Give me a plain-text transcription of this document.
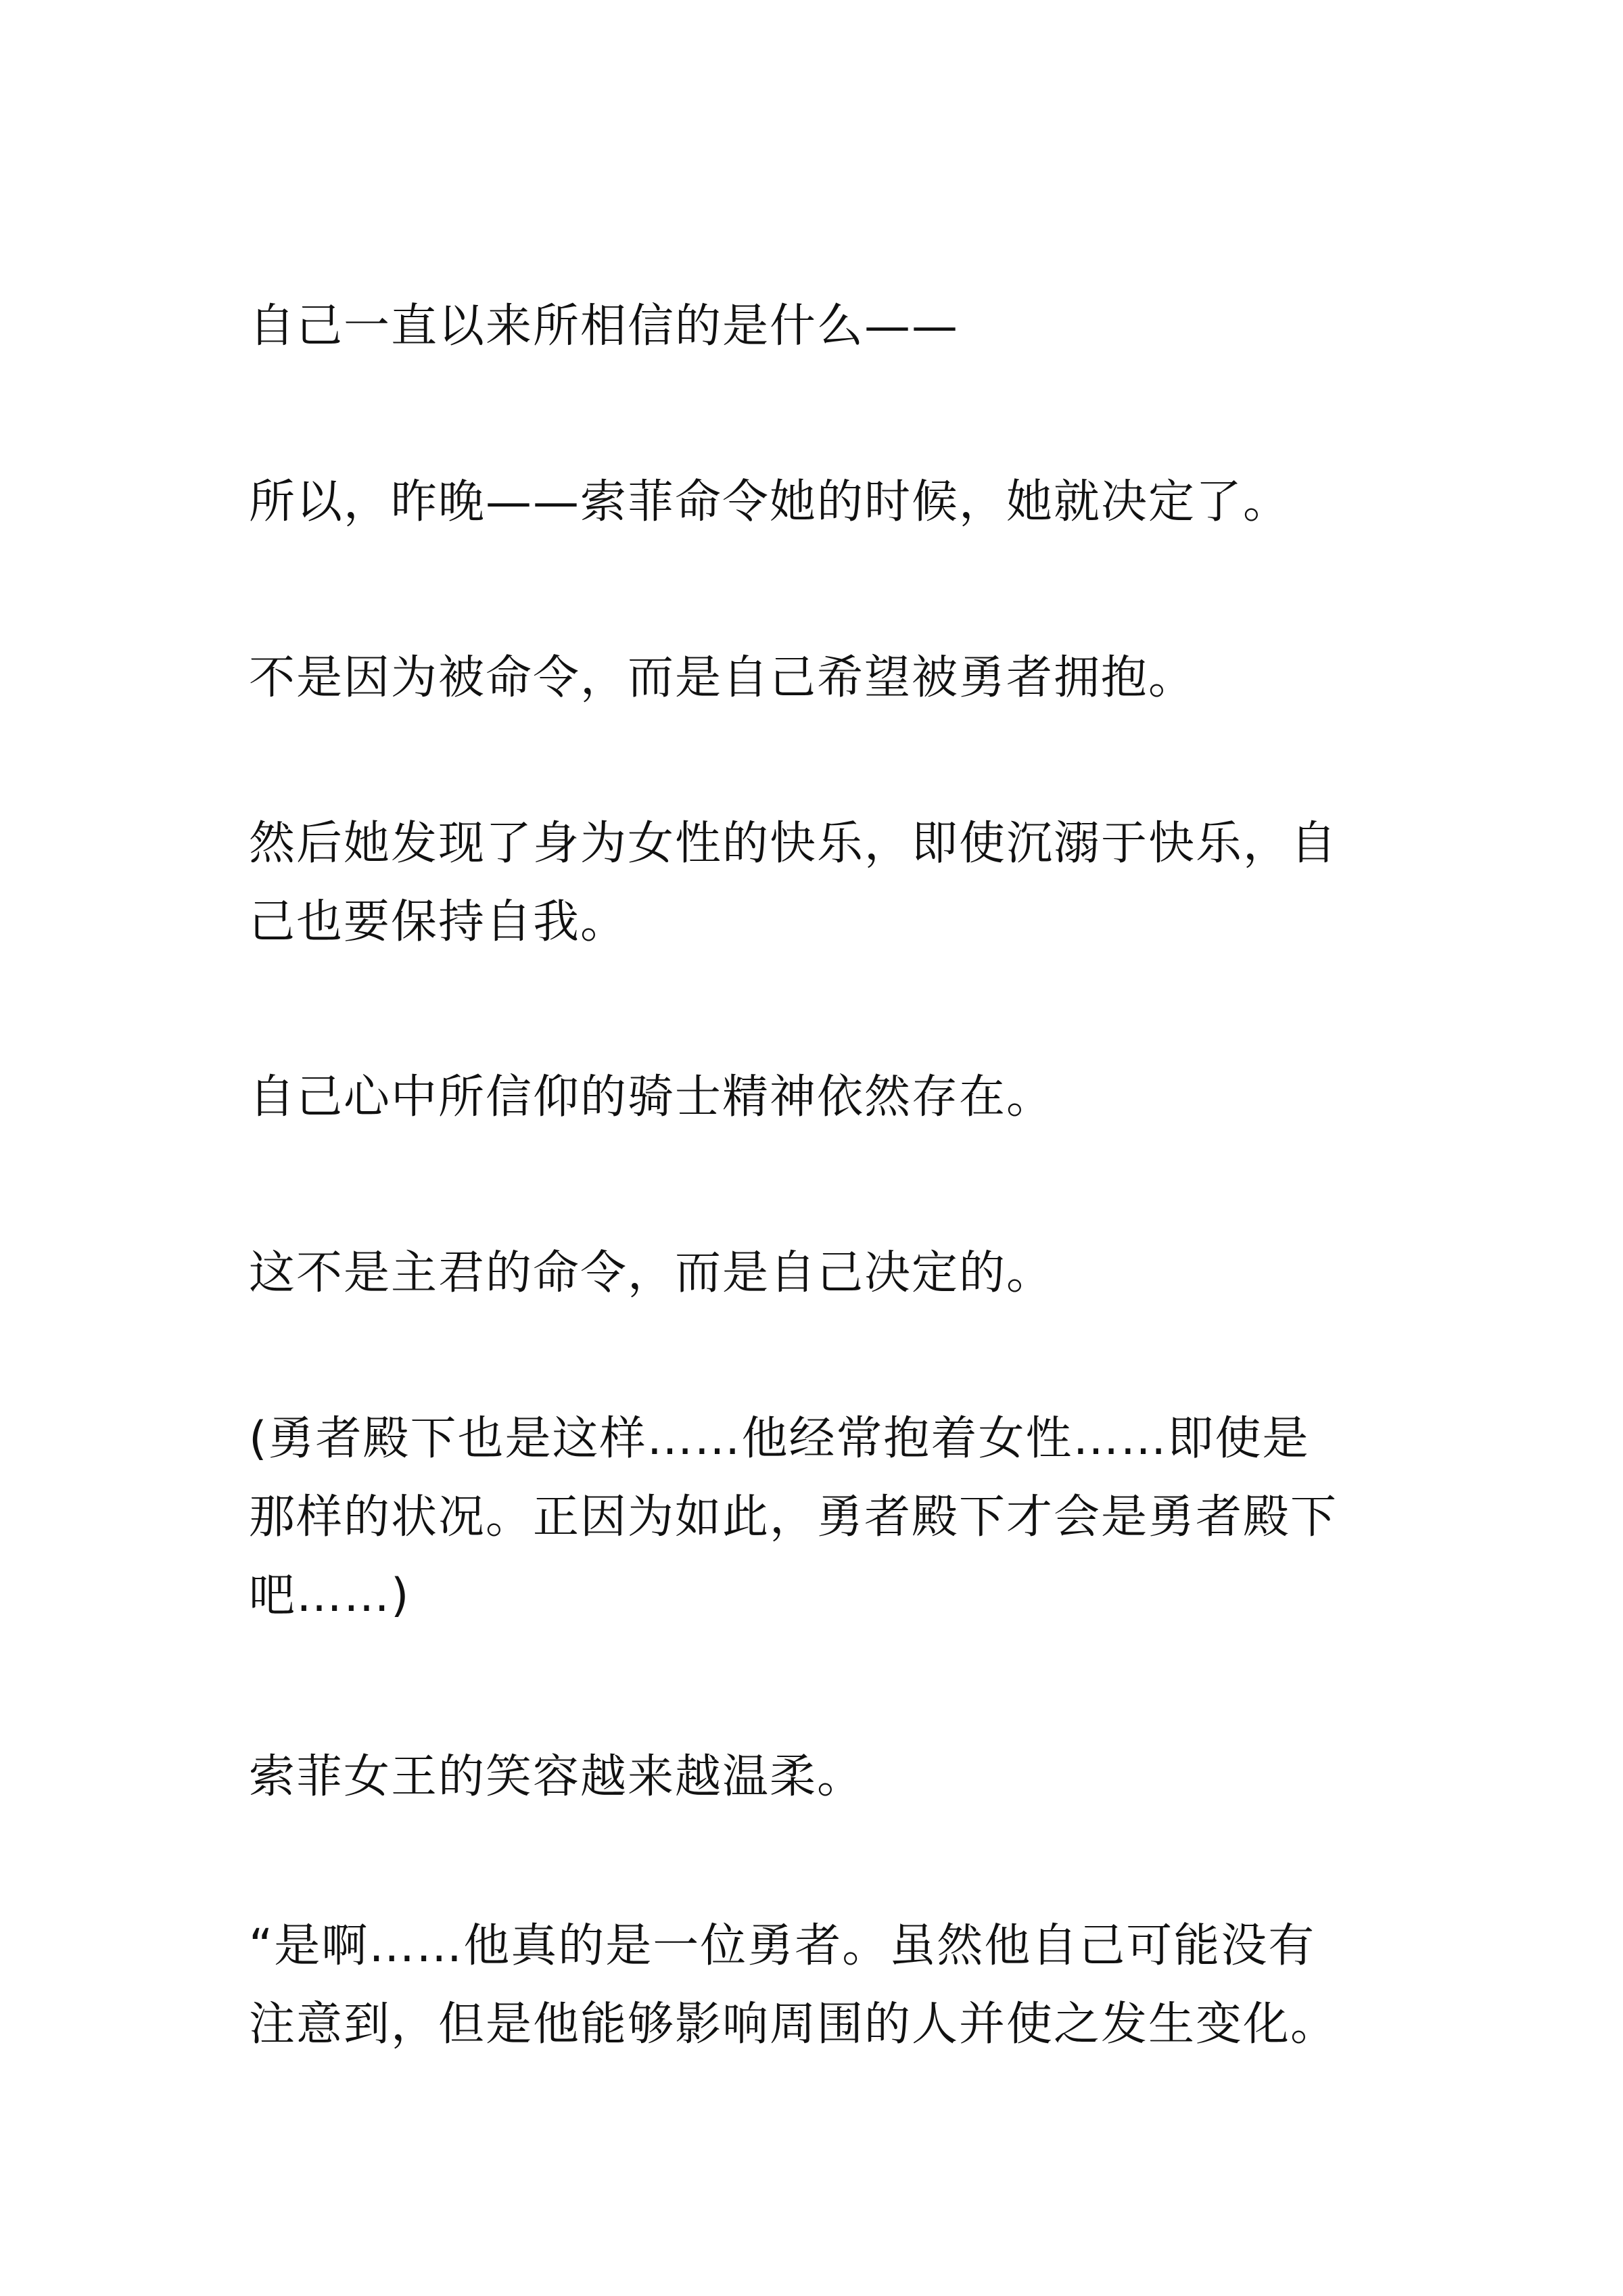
自己一直以来所相信的是什么——

所以，昨晚——索菲命令她的时候，她就决定了。

不是因为被命令，而是自己希望被勇者拥抱。

然后她发现了身为女性的快乐，即使沉溺于快乐，自
己也要保持自我。

自己心中所信仰的骑士精神依然存在。

这不是主君的命令，而是自己决定的。

(勇者殿下也是这样……他经常抱着女性……即使是
那样的状况。正因为如此，勇者殿下才会是勇者殿下
吧……)

索菲女王的笑容越来越温柔。

“是啊……他真的是一位勇者。虽然他自己可能没有
注意到，但是他能够影响周围的人并使之发生变化。
